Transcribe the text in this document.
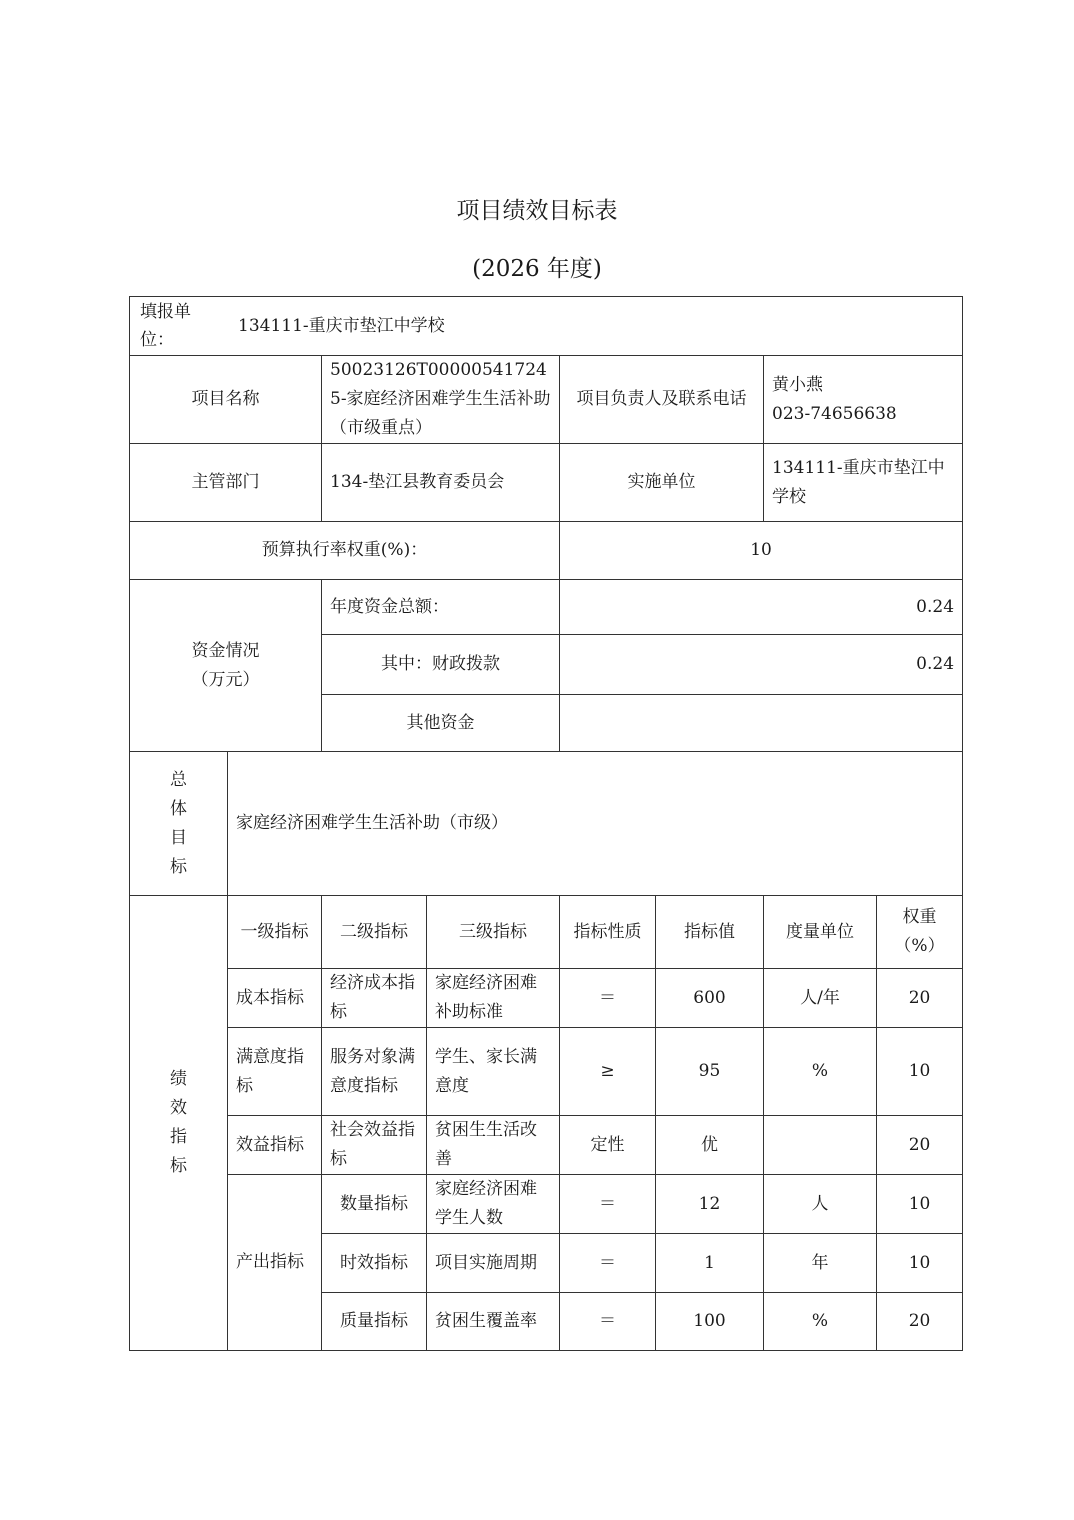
项目绩效目标表
(2026 年度)
填报单位：
134111-重庆市垫江中学校							

项目名称		50023126T000005417245-家庭经济困难学生生活补助（市级重点）		项目负责人及联系电话		黄小燕
023-74656638	

主管部门		134-垫江县教育委员会		实施单位		134111-重庆市垫江中学校	
预算执行率权重(%)：				10			

资金情况
（万元）		年度资金总额：		0.24			
		其中：财政拨款		0.24			
		其他资金					

总
体
目
标	家庭经济困难学生生活补助（市级）						

绩
效
指
标	一级指标	二级指标	三级指标	指标性质	指标值	度量单位	权重（%）
	成本指标	经济成本指标	家庭经济困难补助标准	＝	600	人/年	20
	满意度指标	服务对象满意度指标	学生、家长满意度	≥	95	%	10
	效益指标	社会效益指标	贫困生生活改善	定性	优		20
	产出指标	数量指标	家庭经济困难学生人数	＝	12	人	10
		时效指标	项目实施周期	＝	1	年	10
		质量指标	贫困生覆盖率	＝	100	%	20
